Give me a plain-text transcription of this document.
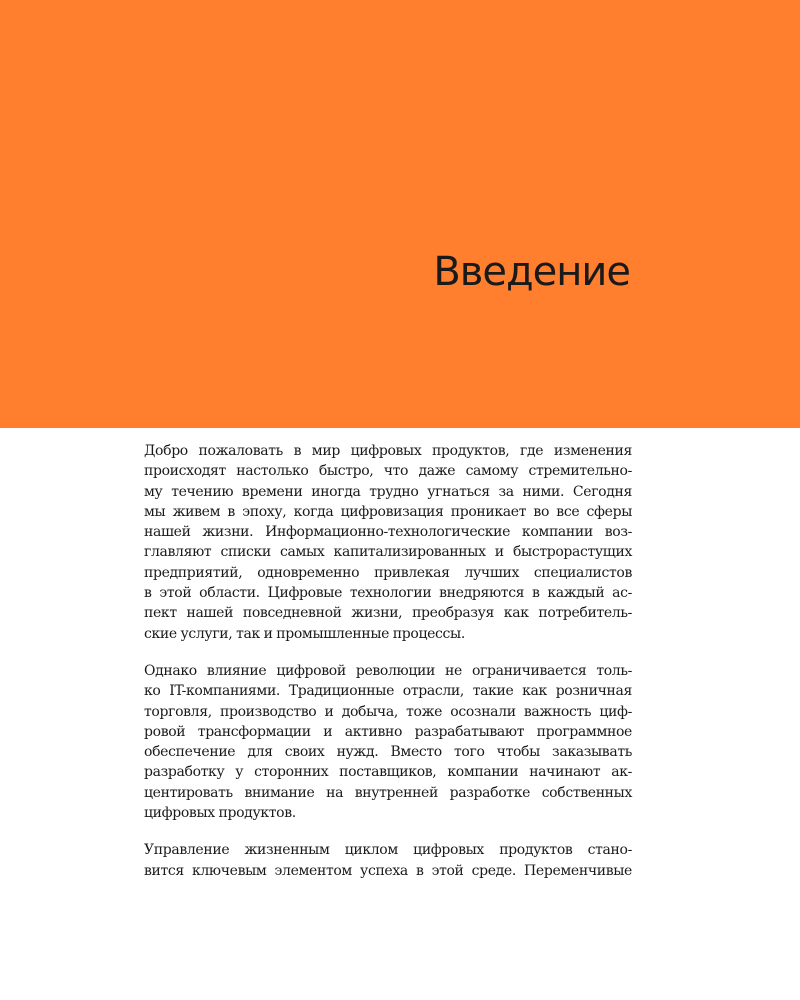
Введение

Добро пожаловать в мир цифровых продуктов, где изменения
происходят настолько быстро, что даже самому стремительно-
му течению времени иногда трудно угнаться за ними. Сегодня
мы живем в эпоху, когда цифровизация проникает во все сферы
нашей жизни. Информационно-технологические компании воз-
главляют списки самых капитализированных и быстрорастущих
предприятий, одновременно привлекая лучших специалистов
в этой области. Цифровые технологии внедряются в каждый ас-
пект нашей повседневной жизни, преобразуя как потребитель-
ские услуги, так и промышленные процессы.

Однако влияние цифровой революции не ограничивается толь-
ко IT-компаниями. Традиционные отрасли, такие как розничная
торговля, производство и добыча, тоже осознали важность циф-
ровой трансформации и активно разрабатывают программное
обеспечение для своих нужд. Вместо того чтобы заказывать
разработку у сторонних поставщиков, компании начинают ак-
центировать внимание на внутренней разработке собственных
цифровых продуктов.

Управление жизненным циклом цифровых продуктов стано-
вится ключевым элементом успеха в этой среде. Переменчивые
